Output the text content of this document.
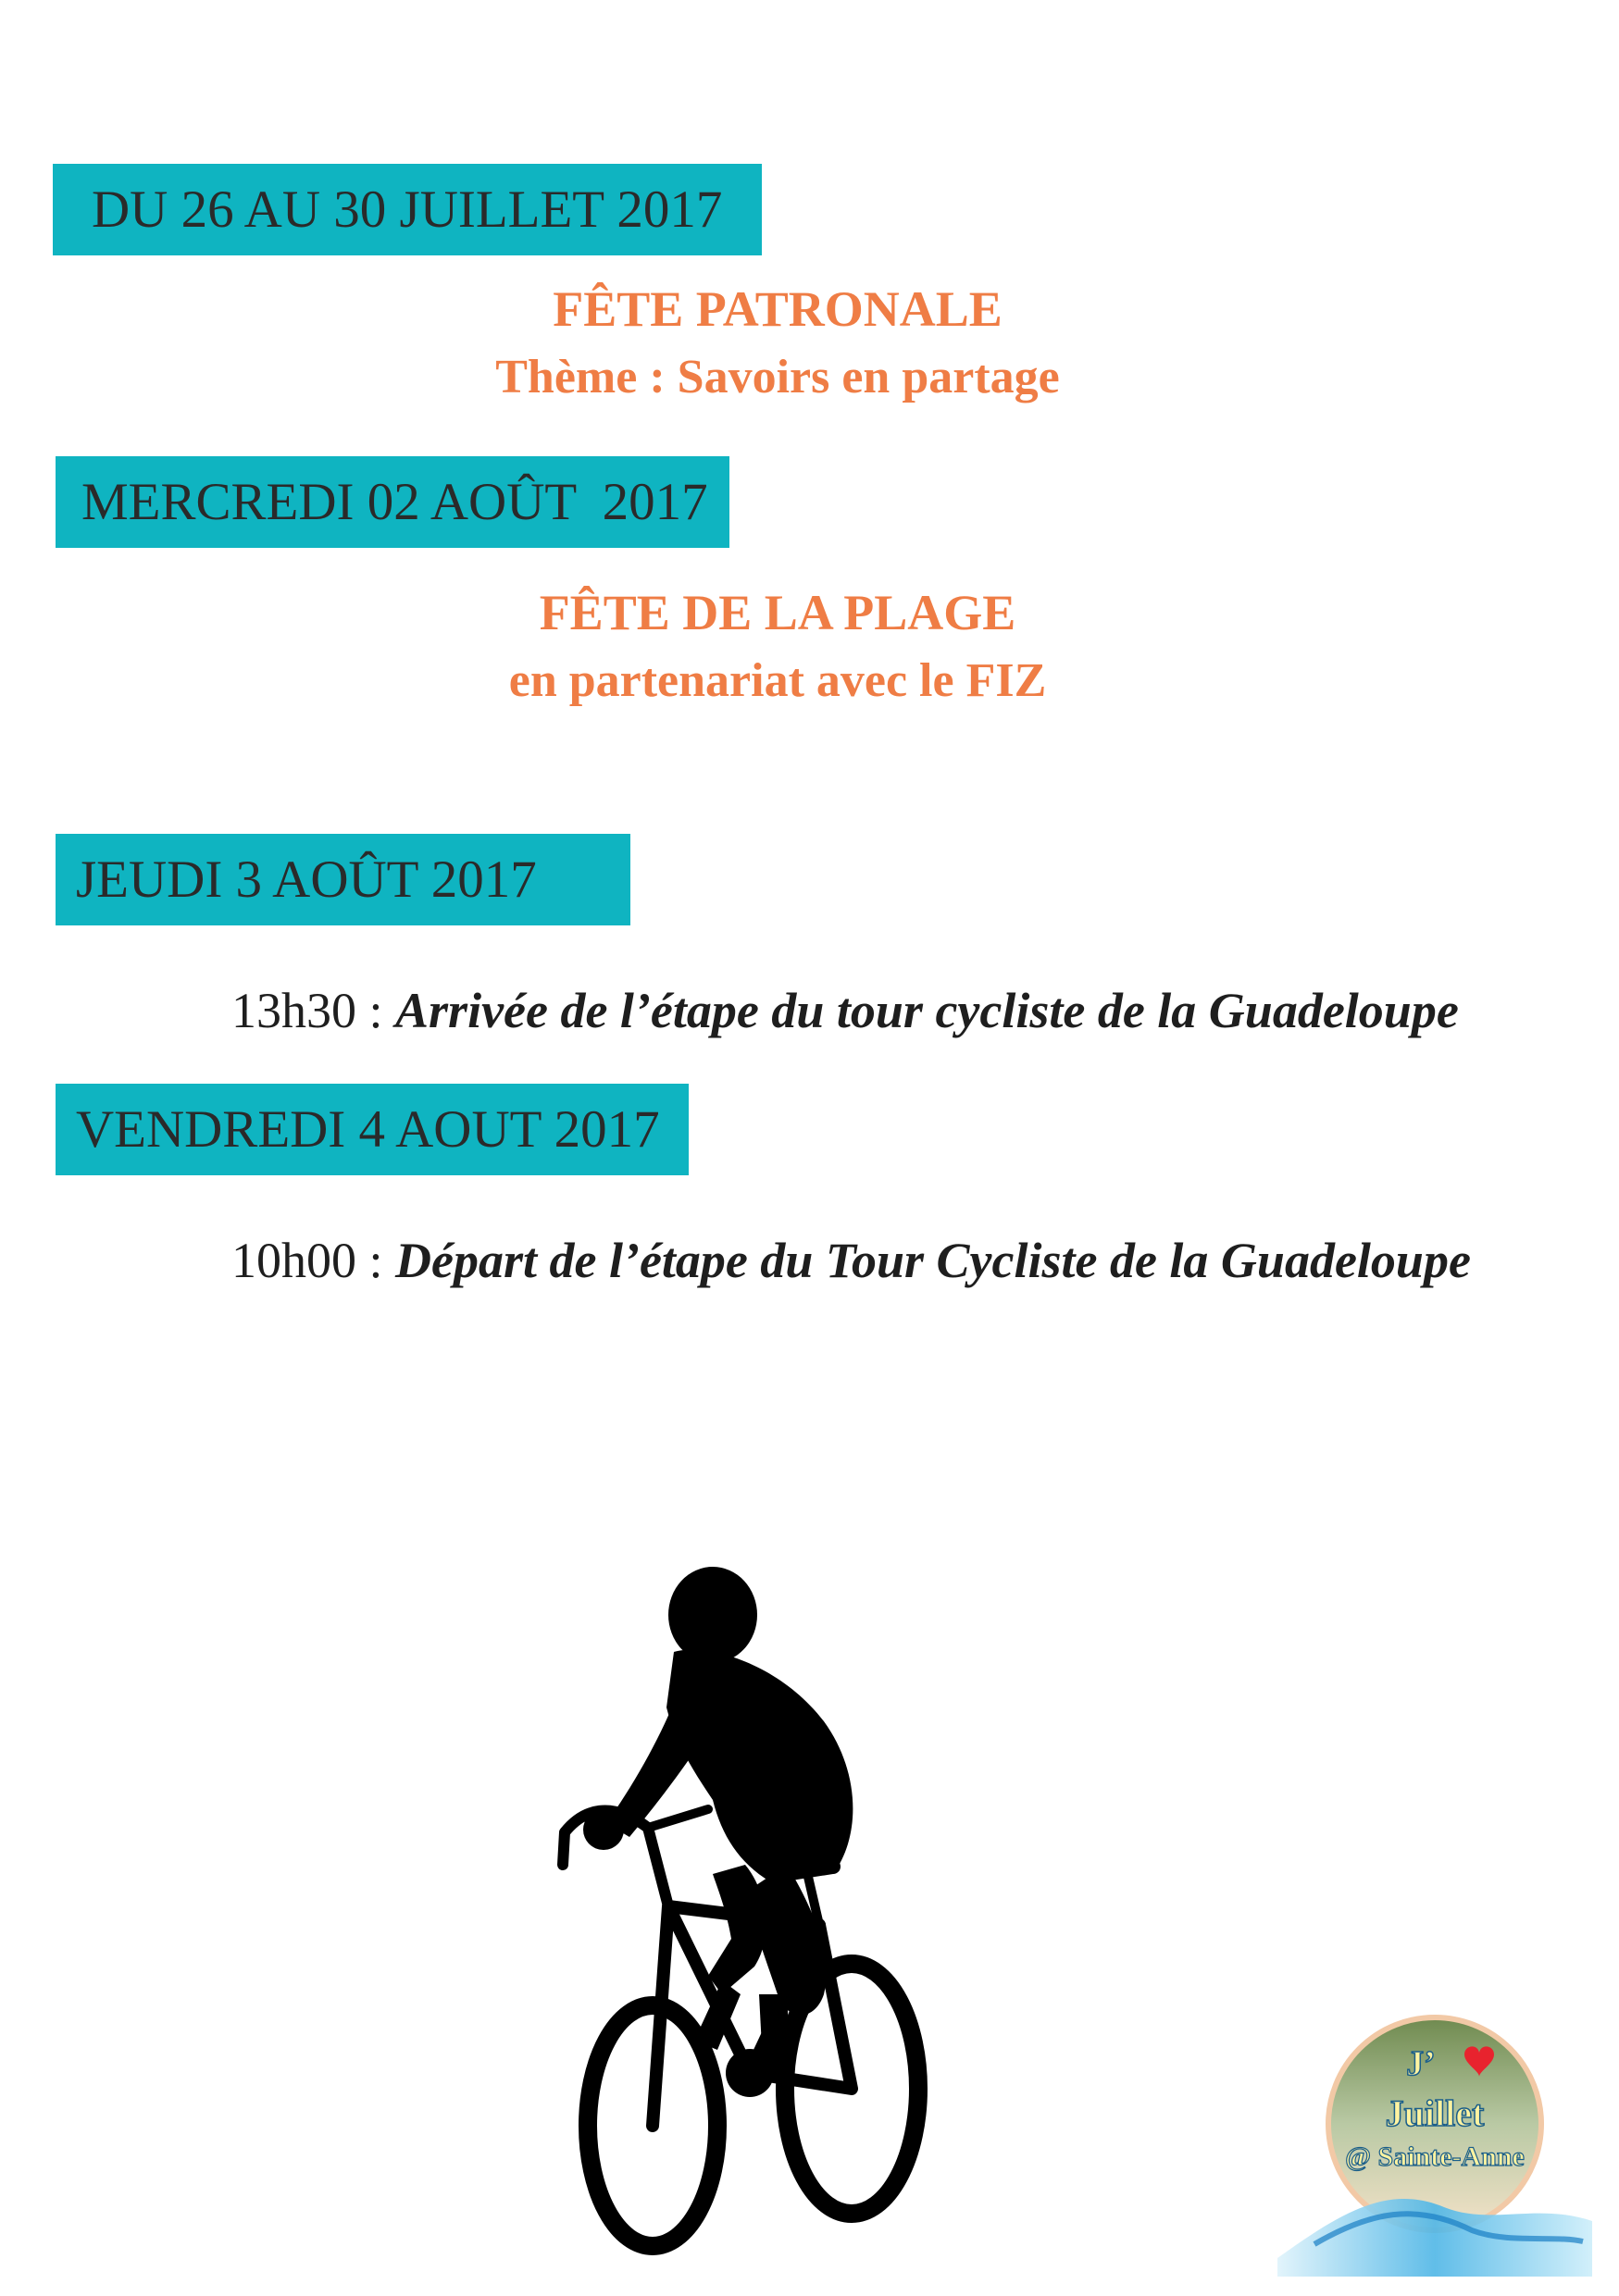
DU 26 AU 30 JUILLET 2017
FÊTE PATRONALE
Thème : Savoirs en partage
MERCREDI 02 AOÛT  2017
FÊTE DE LA PLAGE
en partenariat avec le FIZ
JEUDI 3 AOÛT 2017
13h30 : Arrivée de l’étape du tour cycliste de la Guadeloupe
VENDREDI 4 AOUT 2017
10h00 : Départ de l’étape du Tour Cycliste de la Guadeloupe
J’
Juillet
@ Sainte-Anne
